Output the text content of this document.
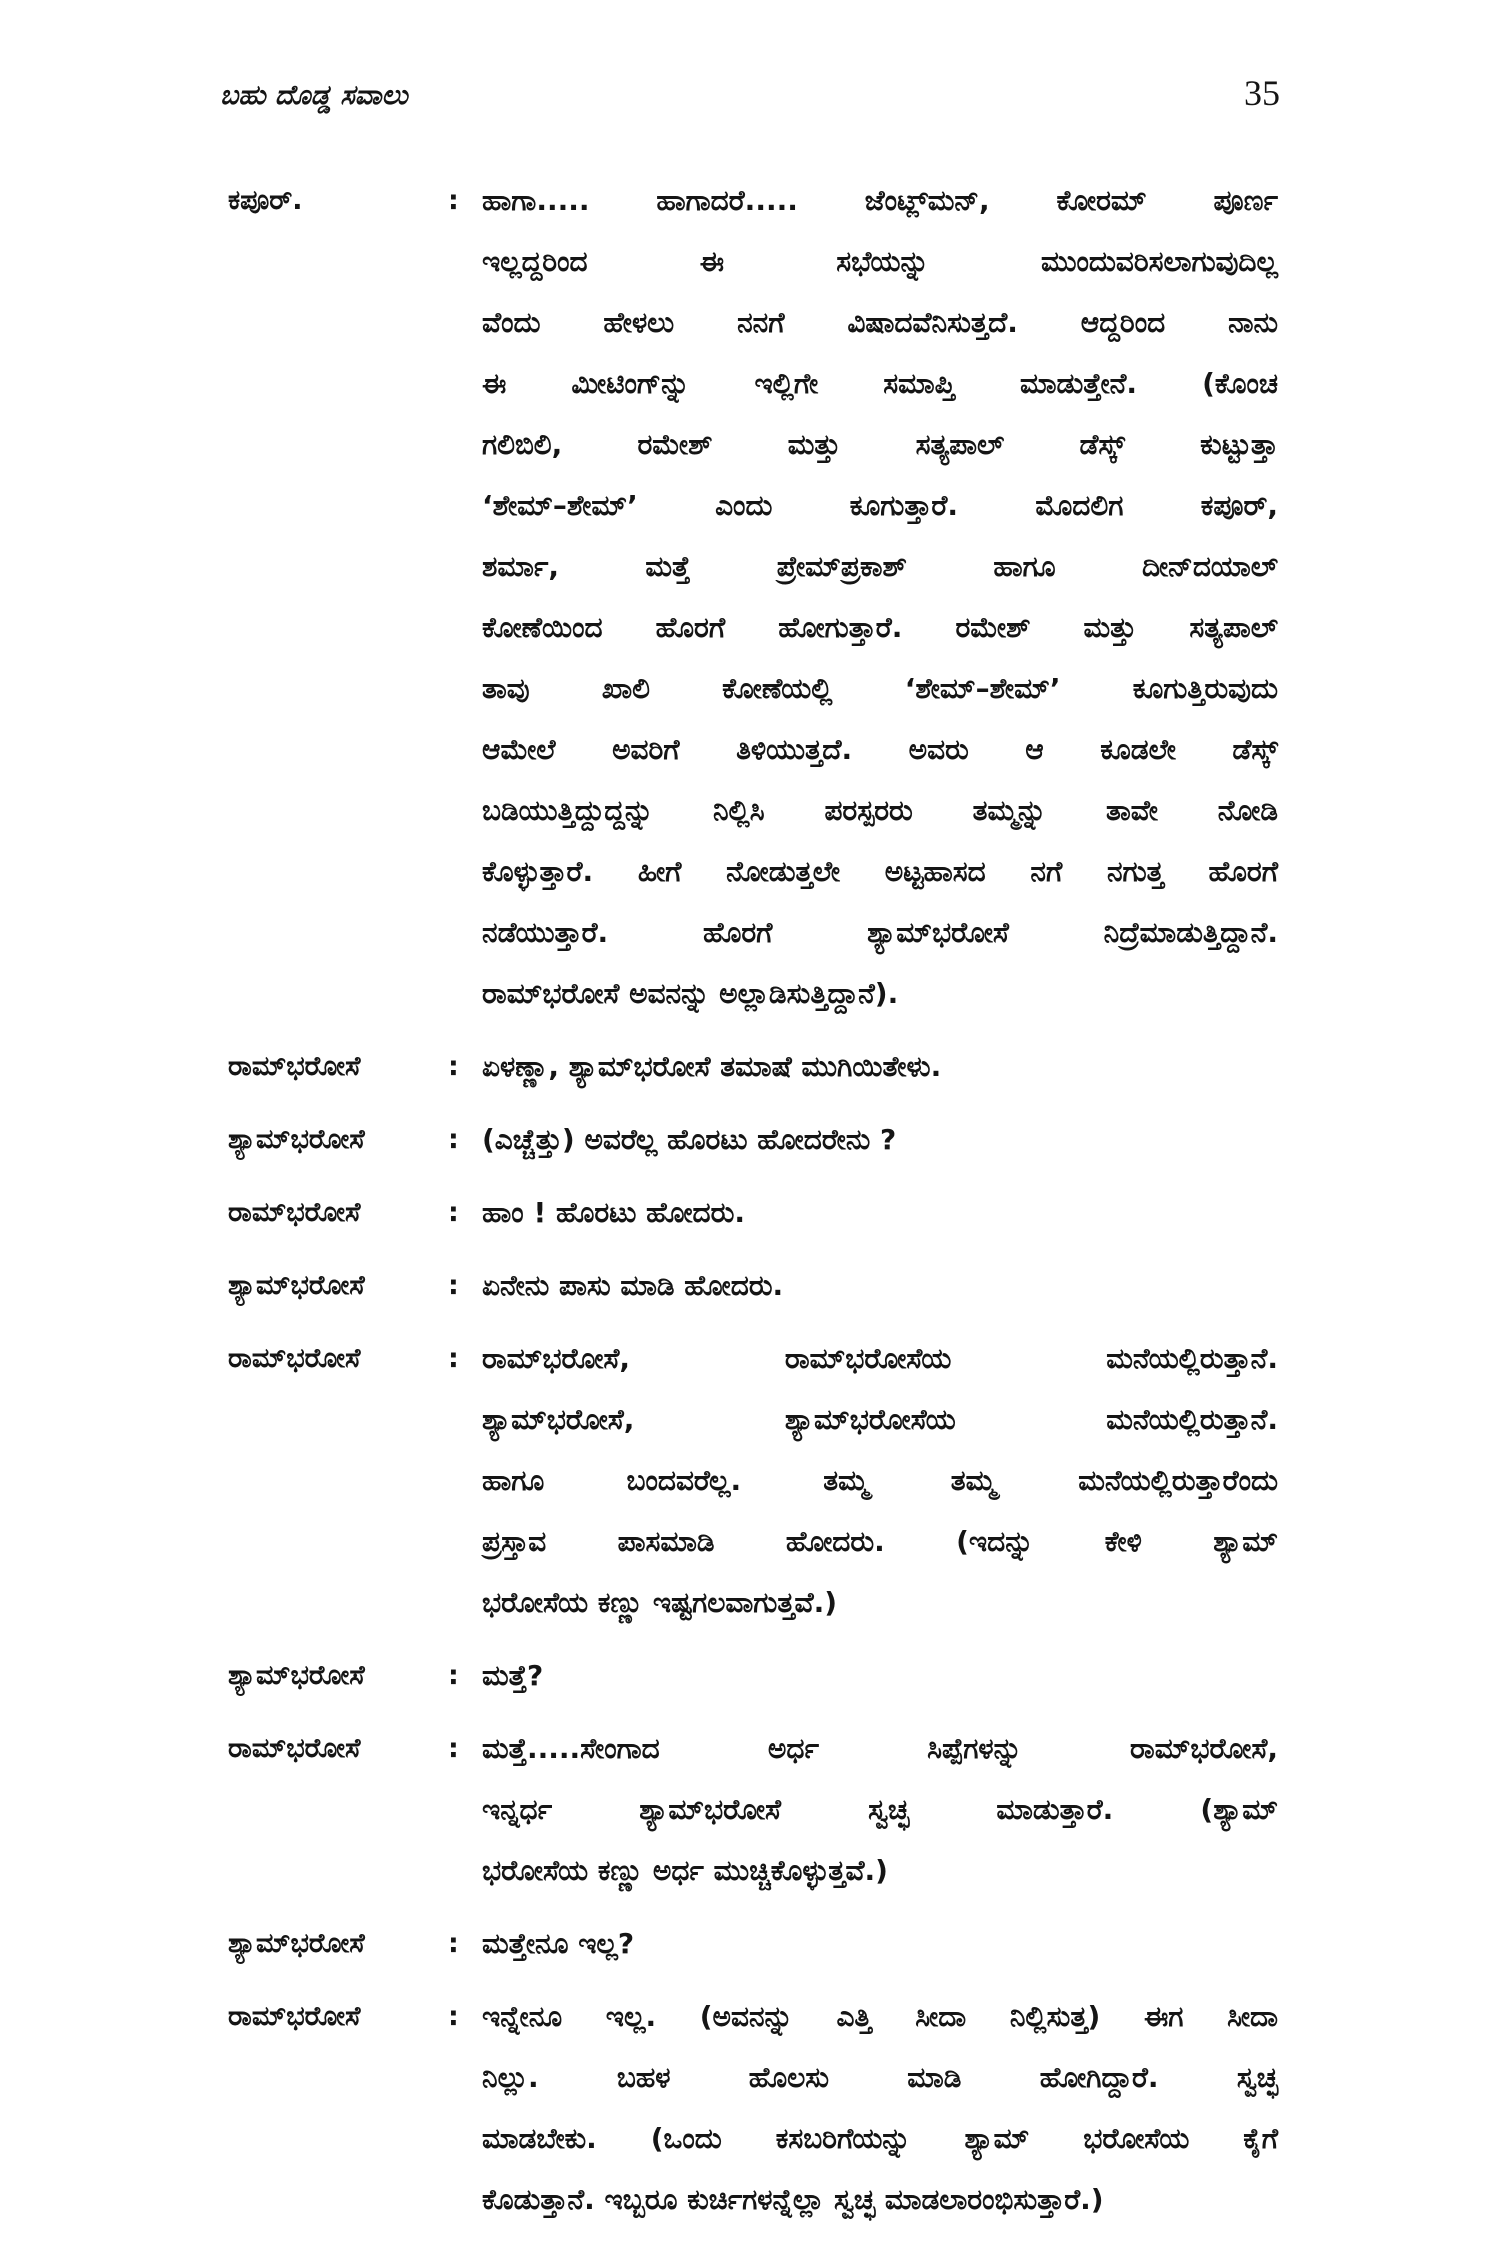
ಬಹು ದೊಡ್ಡ ಸವಾಲು	35
ಕಪೂರ್.	: ಹಾಗಾ..... ಹಾಗಾದರೆ..... ಜೆಂಟ್ಲ್‌ಮನ್, ಕೋರಮ್ ಪೂರ್ಣ
ಇಲ್ಲದ್ದರಿಂದ ಈ ಸಭೆಯನ್ನು ಮುಂದುವರಿಸಲಾಗುವುದಿಲ್ಲ
ವೆಂದು ಹೇಳಲು ನನಗೆ ವಿಷಾದವೆನಿಸುತ್ತದೆ. ಆದ್ದರಿಂದ ನಾನು
ಈ ಮೀಟಿಂಗ್‌ನ್ನು ಇಲ್ಲಿಗೇ ಸಮಾಪ್ತಿ ಮಾಡುತ್ತೇನೆ. (ಕೊಂಚ
ಗಲಿಬಿಲಿ, ರಮೇಶ್ ಮತ್ತು ಸತ್ಯಪಾಲ್ ಡೆಸ್ಕ್ ಕುಟ್ಟುತ್ತಾ
‘ಶೇಮ್–ಶೇಮ್’ ಎಂದು ಕೂಗುತ್ತಾರೆ. ಮೊದಲಿಗ ಕಪೂರ್,
ಶರ್ಮಾ, ಮತ್ತೆ ಪ್ರೇಮ್‌ಪ್ರಕಾಶ್ ಹಾಗೂ ದೀನ್‌ದಯಾಲ್
ಕೋಣೆಯಿಂದ ಹೊರಗೆ ಹೋಗುತ್ತಾರೆ. ರಮೇಶ್ ಮತ್ತು ಸತ್ಯಪಾಲ್
ತಾವು ಖಾಲಿ ಕೋಣೆಯಲ್ಲಿ ‘ಶೇಮ್–ಶೇಮ್’ ಕೂಗುತ್ತಿರುವುದು
ಆಮೇಲೆ ಅವರಿಗೆ ತಿಳಿಯುತ್ತದೆ. ಅವರು ಆ ಕೂಡಲೇ ಡೆಸ್ಕ್
ಬಡಿಯುತ್ತಿದ್ದುದ್ದನ್ನು ನಿಲ್ಲಿಸಿ ಪರಸ್ಪರರು ತಮ್ಮನ್ನು ತಾವೇ ನೋಡಿ
ಕೊಳ್ಳುತ್ತಾರೆ. ಹೀಗೆ ನೋಡುತ್ತಲೇ ಅಟ್ಟಹಾಸದ ನಗೆ ನಗುತ್ತ ಹೊರಗೆ
ನಡೆಯುತ್ತಾರೆ. ಹೊರಗೆ ಶ್ಯಾಮ್‌ಭರೋಸೆ ನಿದ್ರೆಮಾಡುತ್ತಿದ್ದಾನೆ.
ರಾಮ್‌ಭರೋಸೆ ಅವನನ್ನು ಅಲ್ಲಾಡಿಸುತ್ತಿದ್ದಾನೆ).
ರಾಮ್‌ಭರೋಸೆ	: ಏಳಣ್ಣಾ, ಶ್ಯಾಮ್‌ಭರೋಸೆ ತಮಾಷೆ ಮುಗಿಯಿತೇಳು.
ಶ್ಯಾಮ್‌ಭರೋಸೆ	: (ಎಚ್ಚೆತ್ತು) ಅವರೆಲ್ಲ ಹೊರಟು ಹೋದರೇನು ?
ರಾಮ್‌ಭರೋಸೆ	: ಹಾಂ ! ಹೊರಟು ಹೋದರು.
ಶ್ಯಾಮ್‌ಭರೋಸೆ	: ಏನೇನು ಪಾಸು ಮಾಡಿ ಹೋದರು.
ರಾಮ್‌ಭರೋಸೆ	: ರಾಮ್‌ಭರೋಸೆ, ರಾಮ್‌ಭರೋಸೆಯ ಮನೆಯಲ್ಲಿರುತ್ತಾನೆ.
ಶ್ಯಾಮ್‌ಭರೋಸೆ, ಶ್ಯಾಮ್‌ಭರೋಸೆಯ ಮನೆಯಲ್ಲಿರುತ್ತಾನೆ.
ಹಾಗೂ ಬಂದವರೆಲ್ಲ. ತಮ್ಮ ತಮ್ಮ ಮನೆಯಲ್ಲಿರುತ್ತಾರೆಂದು
ಪ್ರಸ್ತಾವ ಪಾಸಮಾಡಿ ಹೋದರು. (ಇದನ್ನು ಕೇಳಿ ಶ್ಯಾಮ್
ಭರೋಸೆಯ ಕಣ್ಣು ಇಷ್ಟಗಲವಾಗುತ್ತವೆ.)
ಶ್ಯಾಮ್‌ಭರೋಸೆ	: ಮತ್ತೆ?
ರಾಮ್‌ಭರೋಸೆ	: ಮತ್ತೆ.....ಸೇಂಗಾದ ಅರ್ಧ ಸಿಪ್ಪೆಗಳನ್ನು ರಾಮ್‌ಭರೋಸೆ,
ಇನ್ನರ್ಧ ಶ್ಯಾಮ್‌ಭರೋಸೆ ಸ್ವಚ್ಛ ಮಾಡುತ್ತಾರೆ. (ಶ್ಯಾಮ್
ಭರೋಸೆಯ ಕಣ್ಣು ಅರ್ಧ ಮುಚ್ಚಿಕೊಳ್ಳುತ್ತವೆ.)
ಶ್ಯಾಮ್‌ಭರೋಸೆ	: ಮತ್ತೇನೂ ಇಲ್ಲ?
ರಾಮ್‌ಭರೋಸೆ	: ಇನ್ನೇನೂ ಇಲ್ಲ. (ಅವನನ್ನು ಎತ್ತಿ ಸೀದಾ ನಿಲ್ಲಿಸುತ್ತ) ಈಗ ಸೀದಾ
ನಿಲ್ಲು. ಬಹಳ ಹೊಲಸು ಮಾಡಿ ಹೋಗಿದ್ದಾರೆ. ಸ್ವಚ್ಛ
ಮಾಡಬೇಕು. (ಒಂದು ಕಸಬರಿಗೆಯನ್ನು ಶ್ಯಾಮ್ ಭರೋಸೆಯ ಕೈಗೆ
ಕೊಡುತ್ತಾನೆ. ಇಬ್ಬರೂ ಕುರ್ಚಿಗಳನ್ನೆಲ್ಲಾ ಸ್ವಚ್ಛ ಮಾಡಲಾರಂಭಿಸುತ್ತಾರೆ.)
